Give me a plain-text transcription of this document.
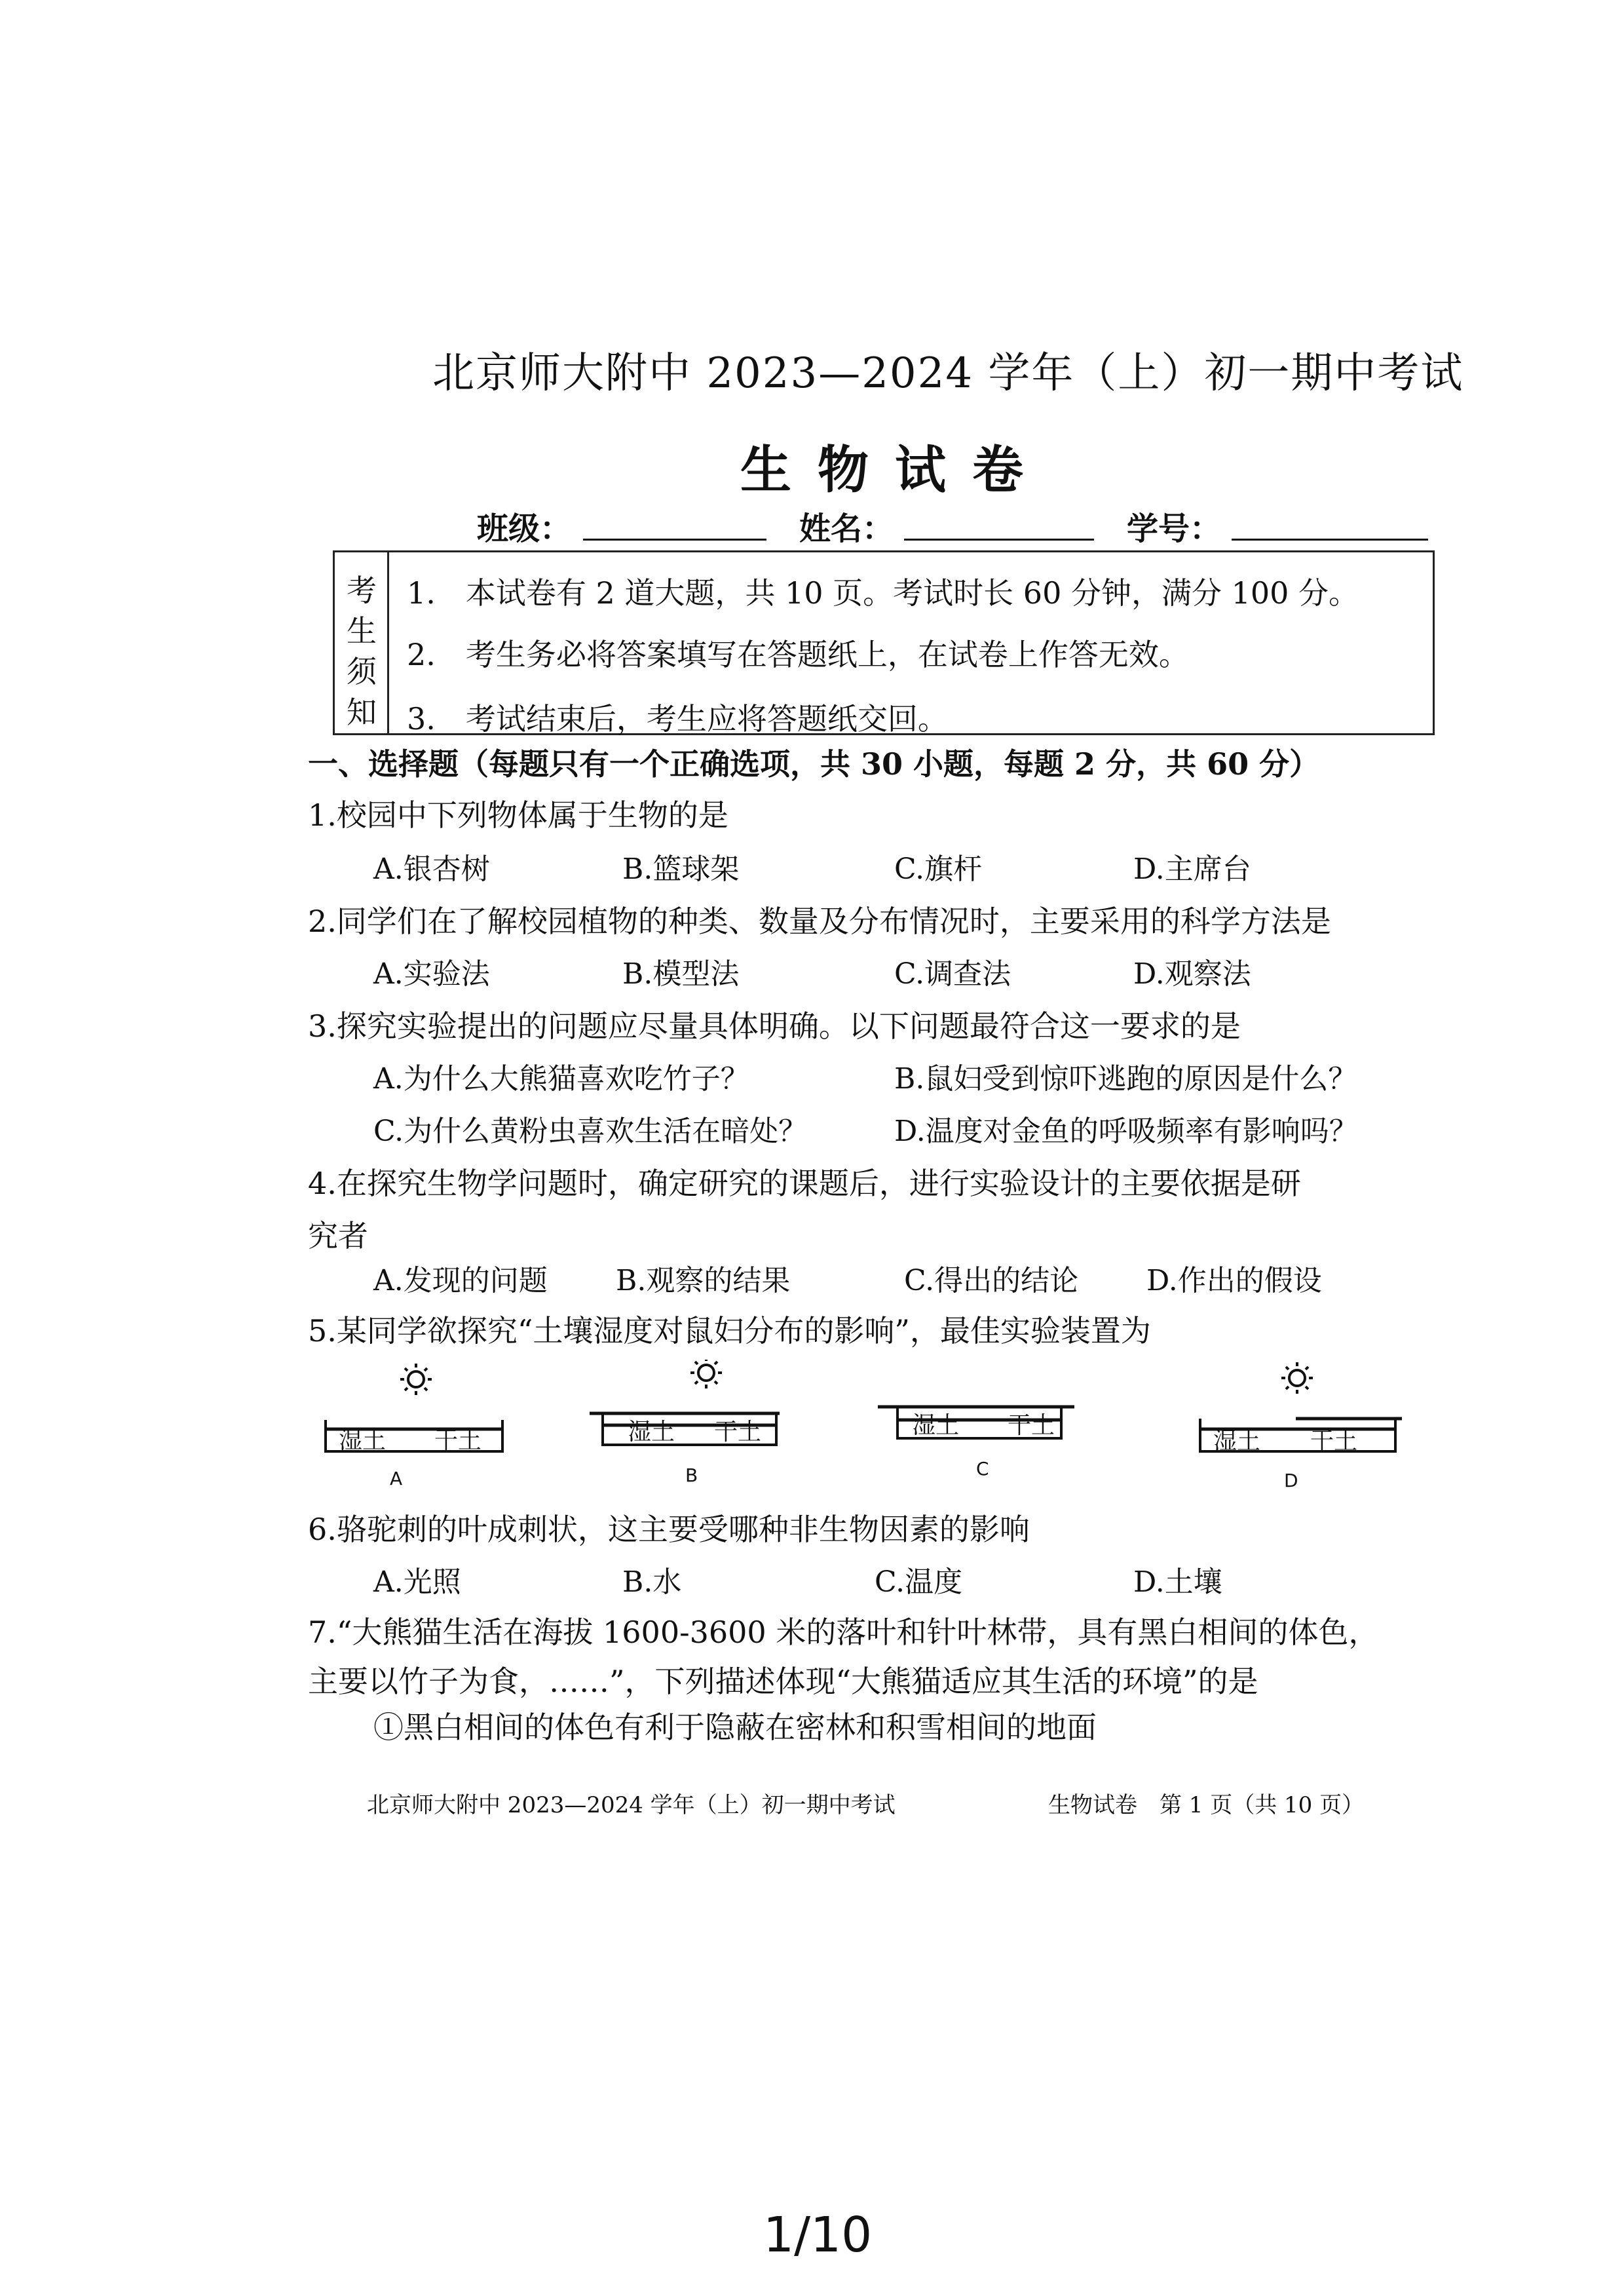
北京师大附中 2023—2024 学年（上）初一期中考试
生物试卷
班级：	姓名：	学号：
考
生
须
知
1.　本试卷有 2 道大题，共 10 页。考试时长 60 分钟，满分 100 分。
2.　考生务必将答案填写在答题纸上，在试卷上作答无效。
3.　考试结束后，考生应将答题纸交回。
一、选择题（每题只有一个正确选项，共 30 小题，每题 2 分，共 60 分）
1.校园中下列物体属于生物的是
A.银杏树	B.篮球架	C.旗杆	D.主席台
2.同学们在了解校园植物的种类、数量及分布情况时，主要采用的科学方法是
A.实验法	B.模型法	C.调查法	D.观察法
3.探究实验提出的问题应尽量具体明确。以下问题最符合这一要求的是
A.为什么大熊猫喜欢吃竹子？	B.鼠妇受到惊吓逃跑的原因是什么？
C.为什么黄粉虫喜欢生活在暗处？	D.温度对金鱼的呼吸频率有影响吗？
4.在探究生物学问题时，确定研究的课题后，进行实验设计的主要依据是研
究者
A.发现的问题 B.观察的结果	C.得出的结论 D.作出的假设
5.某同学欲探究“土壤湿度对鼠妇分布的影响”，最佳实验装置为
湿土 干土
A
湿土 干土
B
湿土 干土
C
湿土 干土
D
6.骆驼刺的叶成刺状，这主要受哪种非生物因素的影响
A.光照	B.水	C.温度	D.土壤
7.“大熊猫生活在海拔 1600-3600 米的落叶和针叶林带，具有黑白相间的体色，
主要以竹子为食，……”，下列描述体现“大熊猫适应其生活的环境”的是
①黑白相间的体色有利于隐蔽在密林和积雪相间的地面
北京师大附中 2023—2024 学年（上）初一期中考试	生物试卷　第 1 页（共 10 页）
1/10
